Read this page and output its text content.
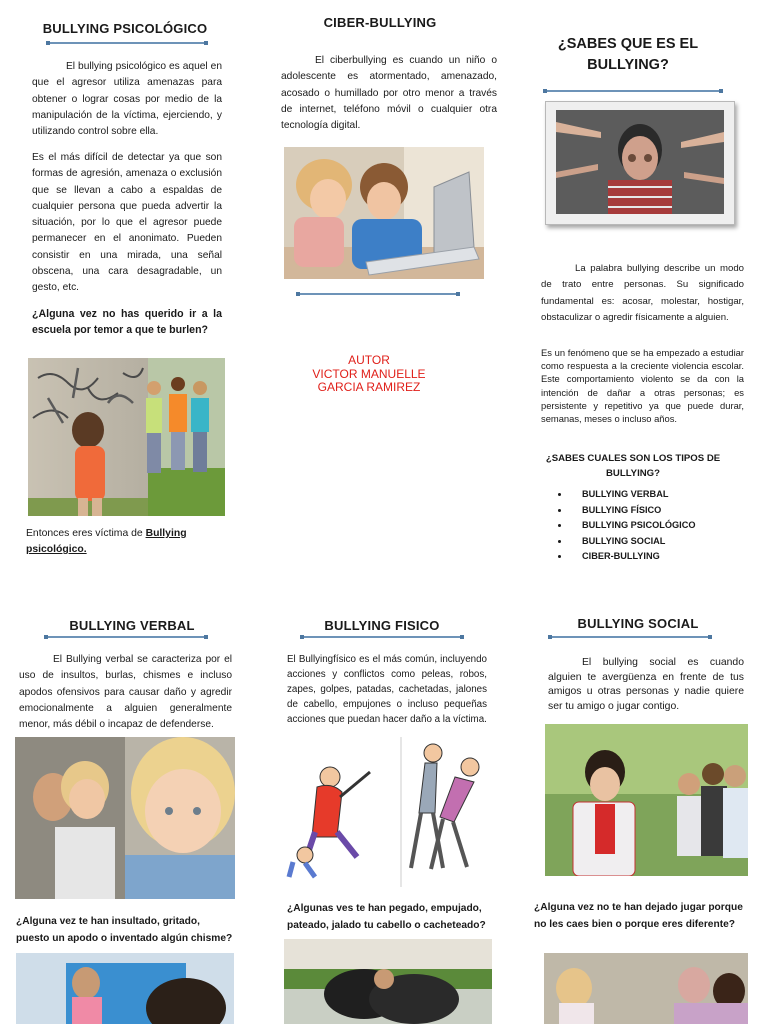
BULLYING PSICOLÓGICO
El bullying psicológico es aquel en que el agresor utiliza amenazas para obtener o lograr cosas por medio de la manipulación de la víctima, ejerciendo, y utilizando control sobre ella.
Es el más difícil de detectar ya que son formas de agresión, amenaza o exclusión que se llevan a cabo a espaldas de cualquier persona que pueda advertir la situación, por lo que el agresor puede permanecer en el anonimato. Pueden consistir en una mirada, una señal obscena, una cara desagradable, un gesto, etc.
¿Alguna vez no has querido ir a la escuela por temor a que te burlen?
Entonces eres víctima de Bullying psicológico.
CIBER-BULLYING
El ciberbullying es cuando un niño o adolescente es atormentado, amenazado, acosado o humillado por otro menor a través de internet, teléfono móvil o cualquier otra tecnología digital.
AUTOR
VICTOR MANUELLE
GARCIA RAMIREZ
¿SABES QUE ES EL
BULLYING?
La palabra bullying describe un modo de trato entre personas. Su significado fundamental es: acosar, molestar, hostigar, obstaculizar o agredir físicamente a alguien.
Es un fenómeno que se ha empezado a estudiar como respuesta a la creciente violencia escolar. Este comportamiento violento se da con la intención de dañar a otras personas; es persistente y repetitivo ya que puede durar, semanas, meses o incluso años.
¿SABES CUALES SON LOS TIPOS DE
BULLYING?
• BULLYING VERBAL
• BULLYING FÍSICO
• BULLYING PSICOLÓGICO
• BULLYING SOCIAL
• CIBER-BULLYING
BULLYING VERBAL
El Bullying verbal se caracteriza por el uso de insultos, burlas, chismes e incluso apodos ofensivos para causar daño y agredir emocionalmente a alguien generalmente menor, más débil o incapaz de defenderse.
¿Alguna vez te han insultado, gritado, puesto un apodo o inventado algún chisme?
BULLYING FISICO
El Bullyingfísico es el más común, incluyendo acciones y conflictos como peleas, robos, zapes, golpes, patadas, cachetadas, jalones de cabello, empujones o incluso pequeñas acciones que puedan hacer daño a la víctima.
¿Algunas ves te han pegado, empujado, pateado, jalado tu cabello o cacheteado?
BULLYING SOCIAL
El bullying social es cuando alguien te avergüenza en frente de tus amigos u otras personas y nadie quiere ser tu amigo o jugar contigo.
¿Alguna vez no te han dejado jugar porque no les caes bien o porque eres diferente?
